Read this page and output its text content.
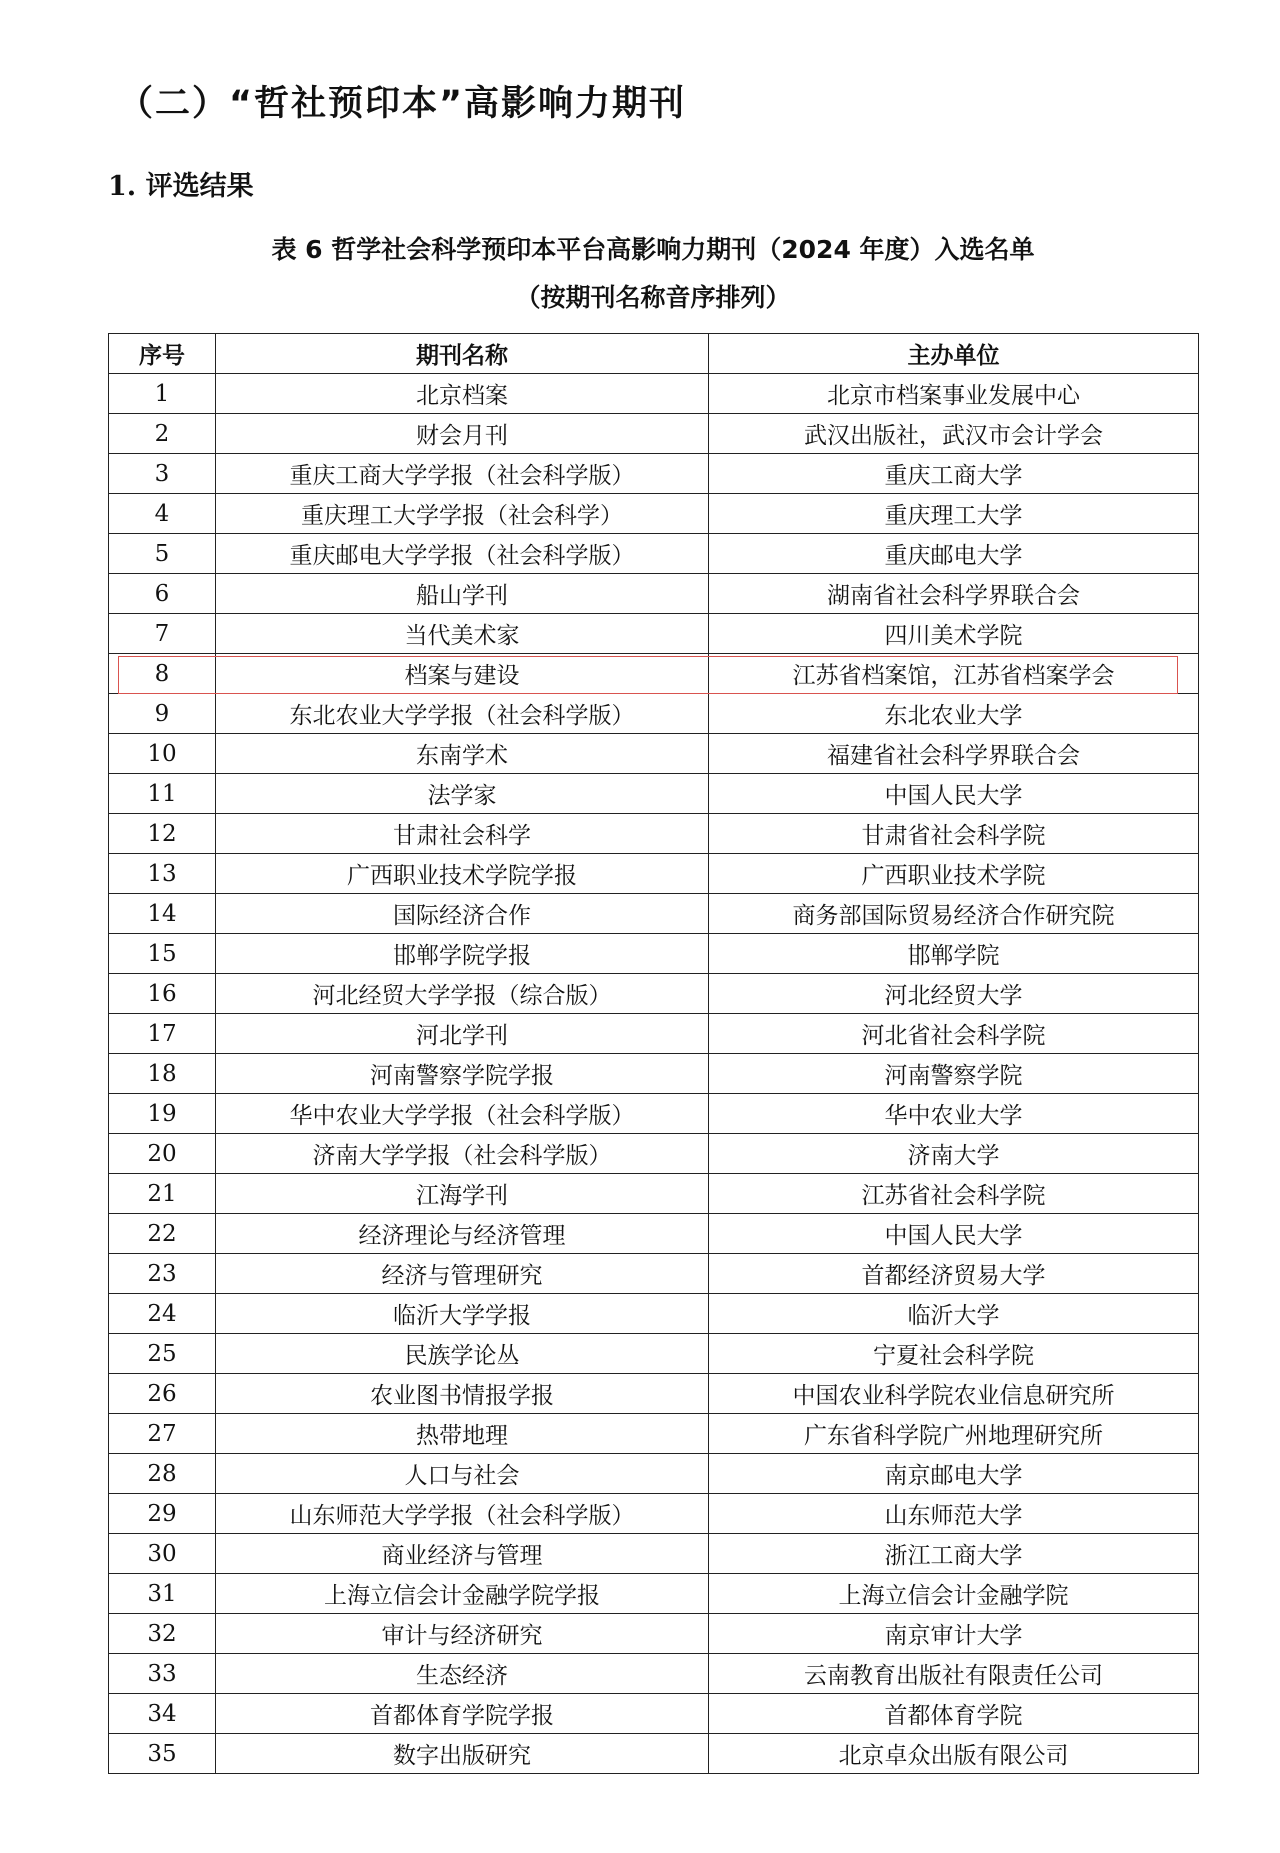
（二）“哲社预印本”高影响力期刊
1. 评选结果

表 6 哲学社会科学预印本平台高影响力期刊（2024 年度）入选名单

（按期刊名称音序排列）

序号	期刊名称	主办单位
1	北京档案	北京市档案事业发展中心
2	财会月刊	武汉出版社，武汉市会计学会
3	重庆工商大学学报（社会科学版）	重庆工商大学
4	重庆理工大学学报（社会科学）	重庆理工大学
5	重庆邮电大学学报（社会科学版）	重庆邮电大学
6	船山学刊	湖南省社会科学界联合会
7	当代美术家	四川美术学院
8	档案与建设	江苏省档案馆，江苏省档案学会
9	东北农业大学学报（社会科学版）	东北农业大学
10	东南学术	福建省社会科学界联合会
11	法学家	中国人民大学
12	甘肃社会科学	甘肃省社会科学院
13	广西职业技术学院学报	广西职业技术学院
14	国际经济合作	商务部国际贸易经济合作研究院
15	邯郸学院学报	邯郸学院
16	河北经贸大学学报（综合版）	河北经贸大学
17	河北学刊	河北省社会科学院
18	河南警察学院学报	河南警察学院
19	华中农业大学学报（社会科学版）	华中农业大学
20	济南大学学报（社会科学版）	济南大学
21	江海学刊	江苏省社会科学院
22	经济理论与经济管理	中国人民大学
23	经济与管理研究	首都经济贸易大学
24	临沂大学学报	临沂大学
25	民族学论丛	宁夏社会科学院
26	农业图书情报学报	中国农业科学院农业信息研究所
27	热带地理	广东省科学院广州地理研究所
28	人口与社会	南京邮电大学
29	山东师范大学学报（社会科学版）	山东师范大学
30	商业经济与管理	浙江工商大学
31	上海立信会计金融学院学报	上海立信会计金融学院
32	审计与经济研究	南京审计大学
33	生态经济	云南教育出版社有限责任公司
34	首都体育学院学报	首都体育学院
35	数字出版研究	北京卓众出版有限公司
